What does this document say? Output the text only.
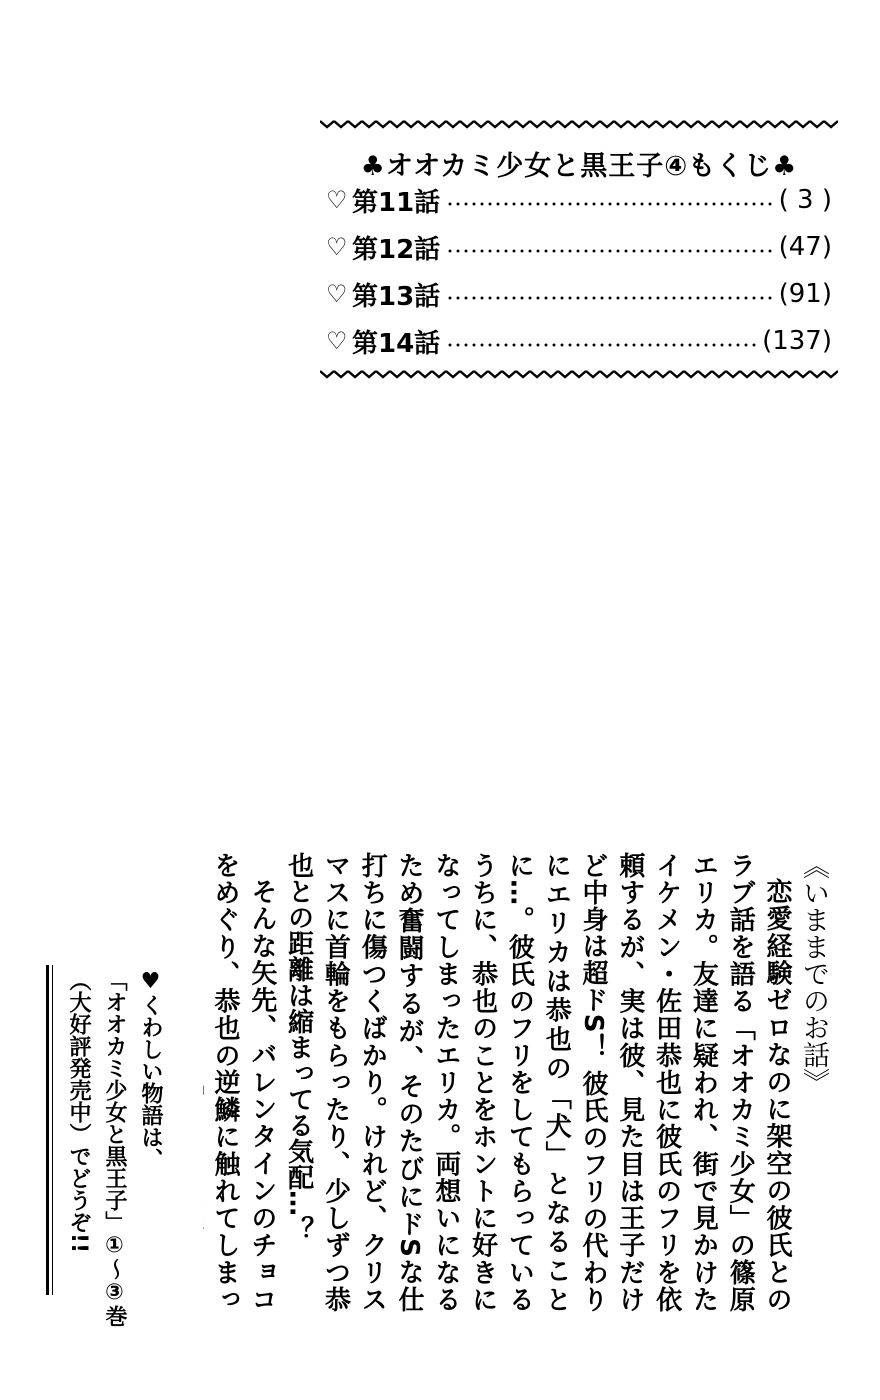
♣オオカミ少女と黒王子④もくじ♣
♡ 第11話	( 3 )
♡ 第12話	(47)
♡ 第13話	(91)
♡ 第14話	(137)
《いままでのお話》

恋愛経験ゼロなのに架空の彼氏とのラブ話を語る「オオカミ少女」の篠原エリカ。友達に疑われ、街で見かけたイケメン・佐田恭也に彼氏のフリを依頼するが、実は彼、見た目は王子だけど中身は超ドS！ 彼氏のフリの代わりにエリカは恭也の「犬」となることに…。彼氏のフリをしてもらっているうちに、恭也のことをホントに好きになってしまったエリカ。両想いになるため奮闘するが、そのたびにドSな仕打ちに傷つくばかり。けれど、クリスマスに首輪をもらったり、少しずつ恭也との距離は縮まってる気配…？

そんな矢先、バレンタインのチョコをめぐり、恭也の逆鱗に触れてしまっ

♥くわしい物語は、
「オオカミ少女と黒王子」①〜③巻
（大好評発売中）でどうぞ!!
